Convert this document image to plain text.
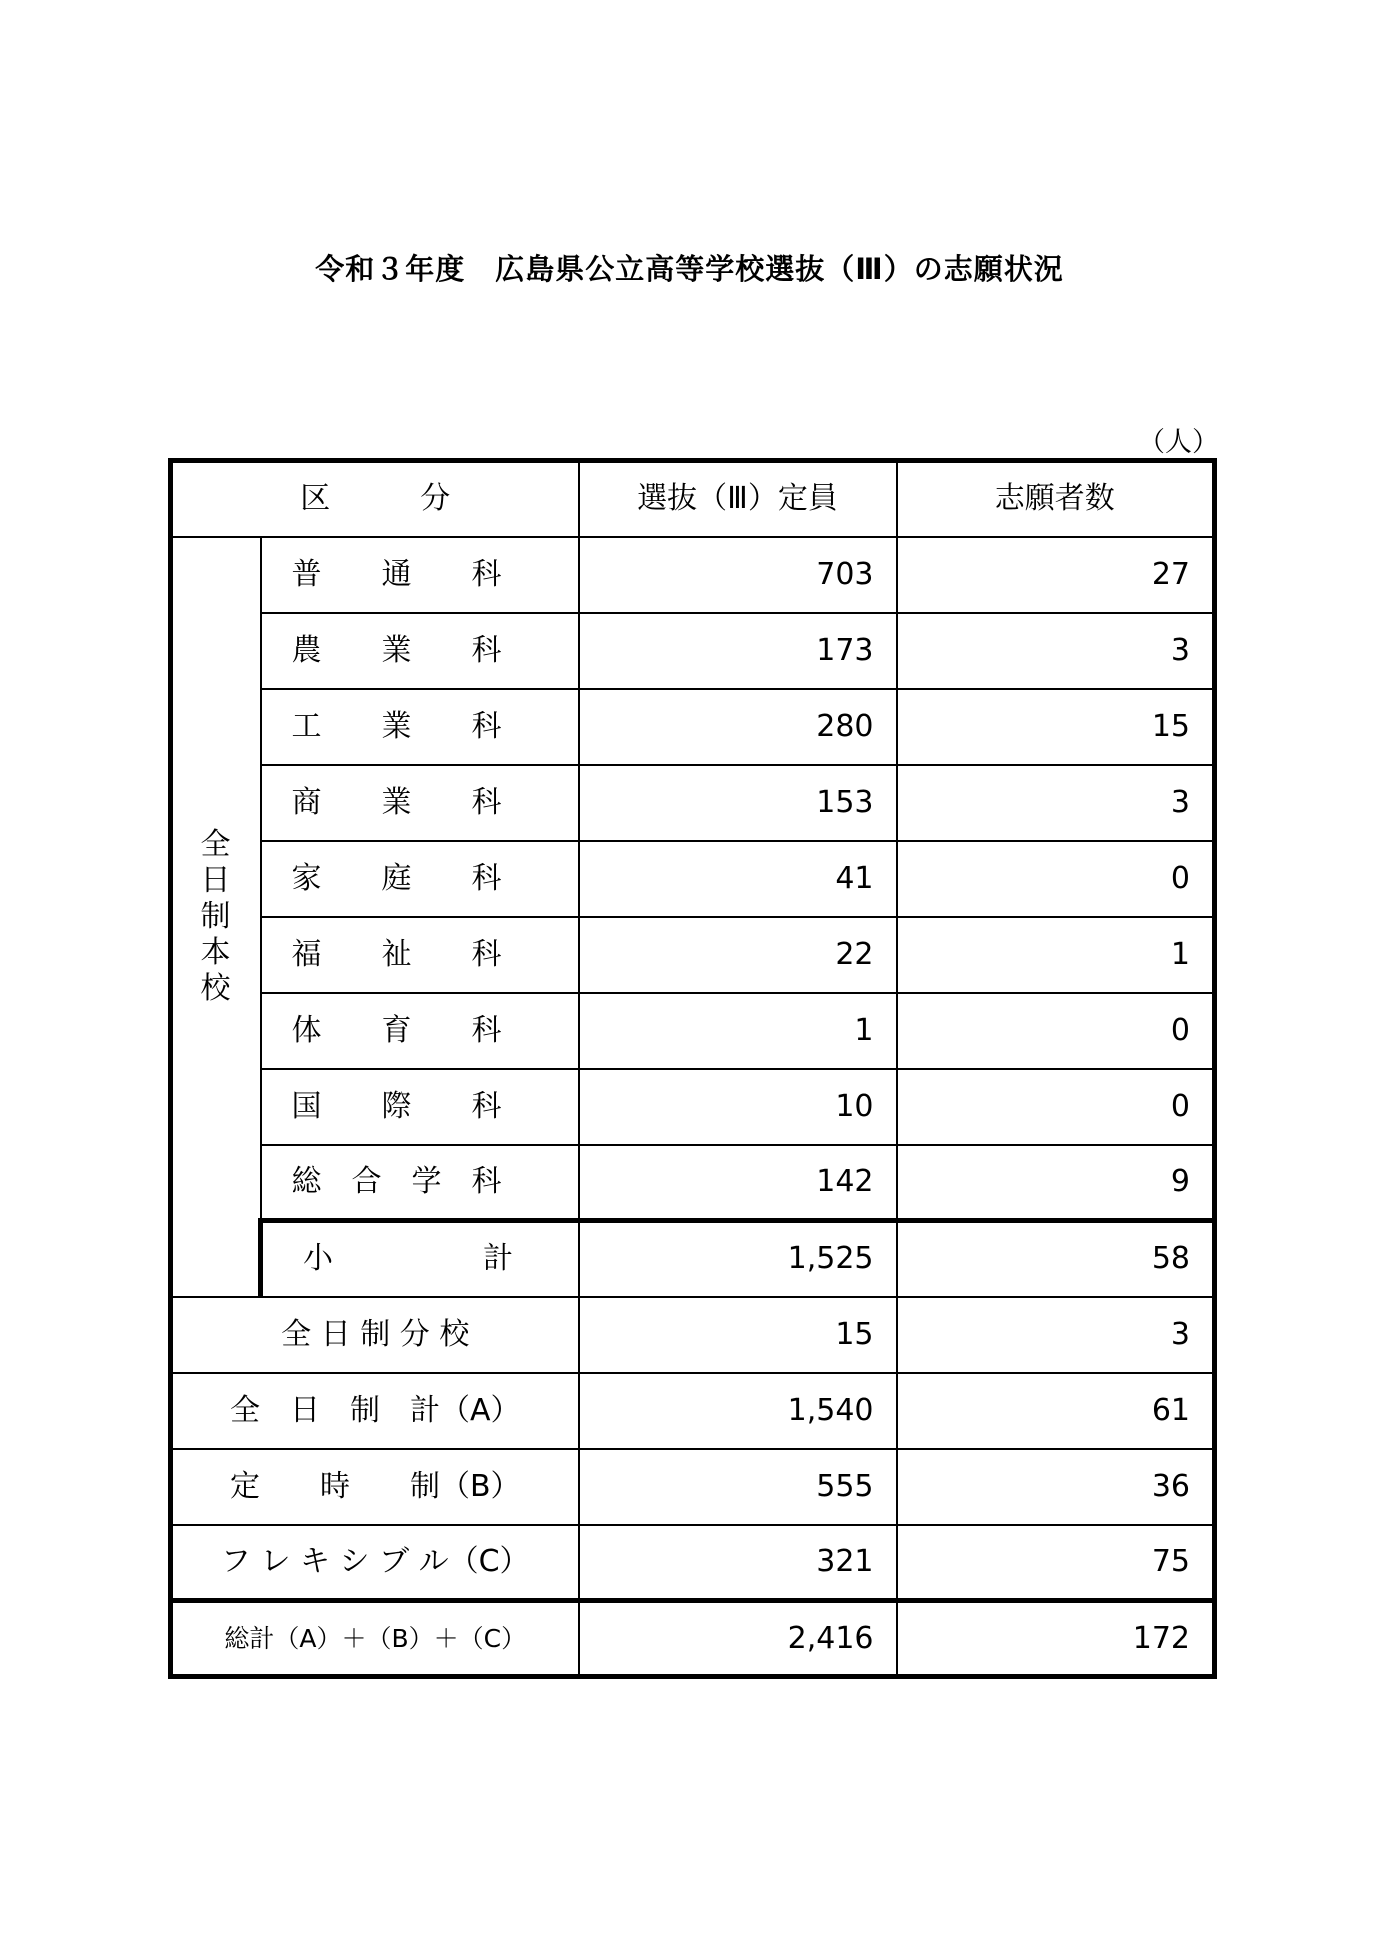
令和３年度　広島県公立高等学校選抜（Ⅲ）の志願状況
（人）
区　　　分		選抜（Ⅲ）定員	志願者数

全
日
制
本
校	普　　通　　科	703	27
	農　　業　　科	173	3
	工　　業　　科	280	15
	商　　業　　科	153	3
	家　　庭　　科	41	0
	福　　祉　　科	22	1
	体　　育　　科	1	0
	国　　際　　科	10	0
	総　合　学　科	142	9
	小　　　　　計	1,525	58
全 日 制 分 校		15	3
全　日　制　計（A）		1,540	61
定　　時　　制（B）		555	36
フ レ キ シ ブ ル（C）		321	75
総計（A）＋（B）＋（C）		2,416	172
